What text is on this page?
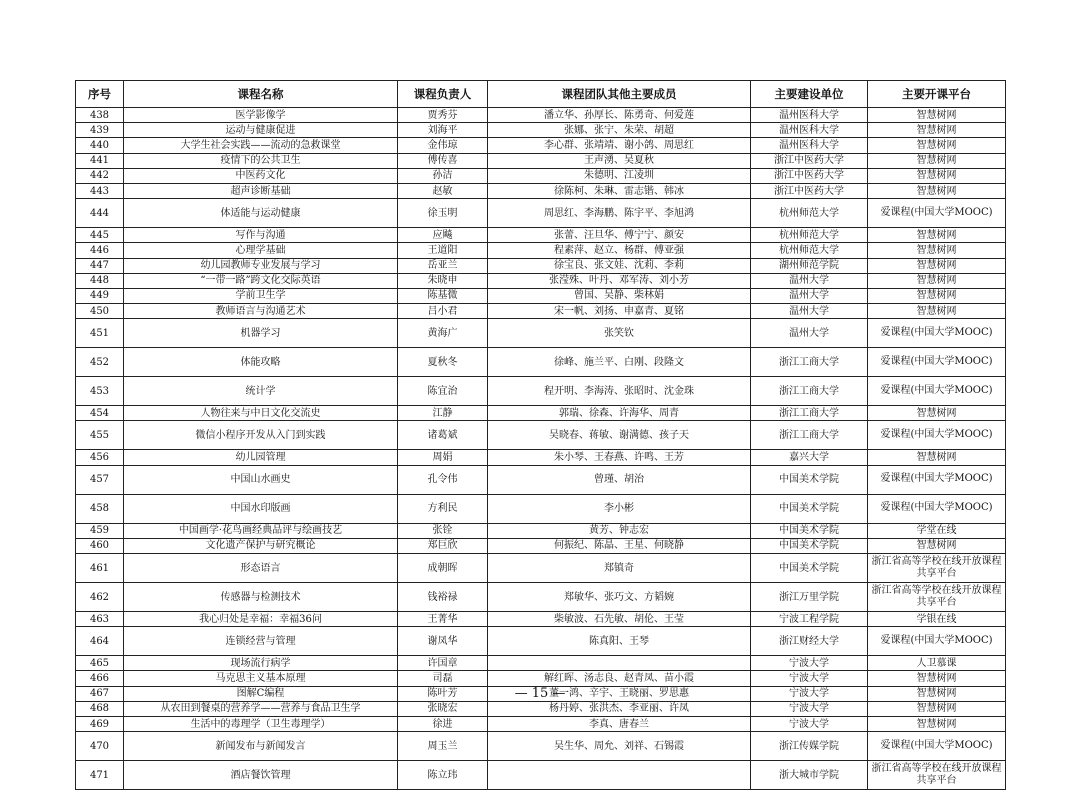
序号	课程名称	课程负责人	课程团队其他主要成员	主要建设单位	主要开课平台
438	医学影像学	贾秀芬	潘立华、孙厚长、陈勇奇、何爱莲	温州医科大学	智慧树网
439	运动与健康促进	刘海平	张娜、张宁、朱荣、胡超	温州医科大学	智慧树网
440	大学生社会实践——流动的急救课堂	金伟琼	李心群、张靖靖、谢小鸽、周思红	温州医科大学	智慧树网
441	疫情下的公共卫生	傅传喜	王声湧、吴夏秋	浙江中医药大学	智慧树网
442	中医药文化	孙洁	朱德明、江凌圳	浙江中医药大学	智慧树网
443	超声诊断基础	赵敏	徐陈柯、朱琳、雷志锴、韩冰	浙江中医药大学	智慧树网
444	体适能与运动健康	徐玉明	周思红、李海鹏、陈宇平、李旭鸿	杭州师范大学	爱课程(中国大学MOOC)
445	写作与沟通	应飚	张蕾、汪旦华、傅宁宁、颜安	杭州师范大学	智慧树网
446	心理学基础	王道阳	程素萍、赵立、杨群、傅亚强	杭州师范大学	智慧树网
447	幼儿园教师专业发展与学习	岳亚兰	徐宝良、张文娃、沈莉、李莉	湖州师范学院	智慧树网
448	“一带一路”跨文化交际英语	朱晓申	张滢殊、叶丹、邓军涛、刘小芳	温州大学	智慧树网
449	学前卫生学	陈基微	曾国、吴静、柴林娟	温州大学	智慧树网
450	教师语言与沟通艺术	吕小君	宋一帆、刘扬、申嘉青、夏铭	温州大学	智慧树网
451	机器学习	黄海广	张笑钦	温州大学	爱课程(中国大学MOOC)
452	体能攻略	夏秋冬	徐峰、施兰平、白刚、段隆文	浙江工商大学	爱课程(中国大学MOOC)
453	统计学	陈宜治	程开明、李海涛、张昭时、沈金珠	浙江工商大学	爱课程(中国大学MOOC)
454	人物往来与中日文化交流史	江静	郭瑞、徐森、许海华、周青	浙江工商大学	智慧树网
455	微信小程序开发从入门到实践	诸葛斌	吴晓春、蒋敏、谢满德、孩子天	浙江工商大学	爱课程(中国大学MOOC)
456	幼儿园管理	周娟	朱小琴、王春燕、许鸣、王芳	嘉兴大学	智慧树网
457	中国山水画史	孔令伟	曾瑾、胡治	中国美术学院	爱课程(中国大学MOOC)
458	中国水印版画	方利民	李小彬	中国美术学院	爱课程(中国大学MOOC)
459	中国画学·花鸟画经典品评与绘画技艺	张铨	黄芳、钟志宏	中国美术学院	学堂在线
460	文化遗产保护与研究概论	郑巨欣	何振纪、陈晶、王星、何晓静	中国美术学院	智慧树网
461	形态语言	成朝晖	郑镇奇	中国美术学院	浙江省高等学校在线开放课程共享平台
462	传感器与检测技术	钱裕禄	郑敏华、张巧文、方韬婉	浙江万里学院	浙江省高等学校在线开放课程共享平台
463	我心归处是幸福：幸福36问	王菁华	柴敏波、石先敏、胡伦、王莹	宁波工程学院	学银在线
464	连锁经营与管理	谢凤华	陈真阳、王琴	浙江财经大学	爱课程(中国大学MOOC)
465	现场流行病学	许国章		宁波大学	人卫慕课
466	马克思主义基本原理	司磊	解红晖、汤志良、赵青凤、苗小霞	宁波大学	智慧树网
467	图解C编程	陈叶芳	董一鸿、辛宇、王晓丽、罗思惠	宁波大学	智慧树网
468	从农田到餐桌的营养学——营养与食品卫生学	张晓宏	杨丹婷、张洪杰、李亚丽、许凤	宁波大学	智慧树网
469	生活中的毒理学（卫生毒理学）	徐进	李真、唐春兰	宁波大学	智慧树网
470	新闻发布与新闻发言	周玉兰	吴生华、周允、刘祥、石锡霞	浙江传媒学院	爱课程(中国大学MOOC)
471	酒店餐饮管理	陈立玮		浙大城市学院	浙江省高等学校在线开放课程共享平台
— 15 —
